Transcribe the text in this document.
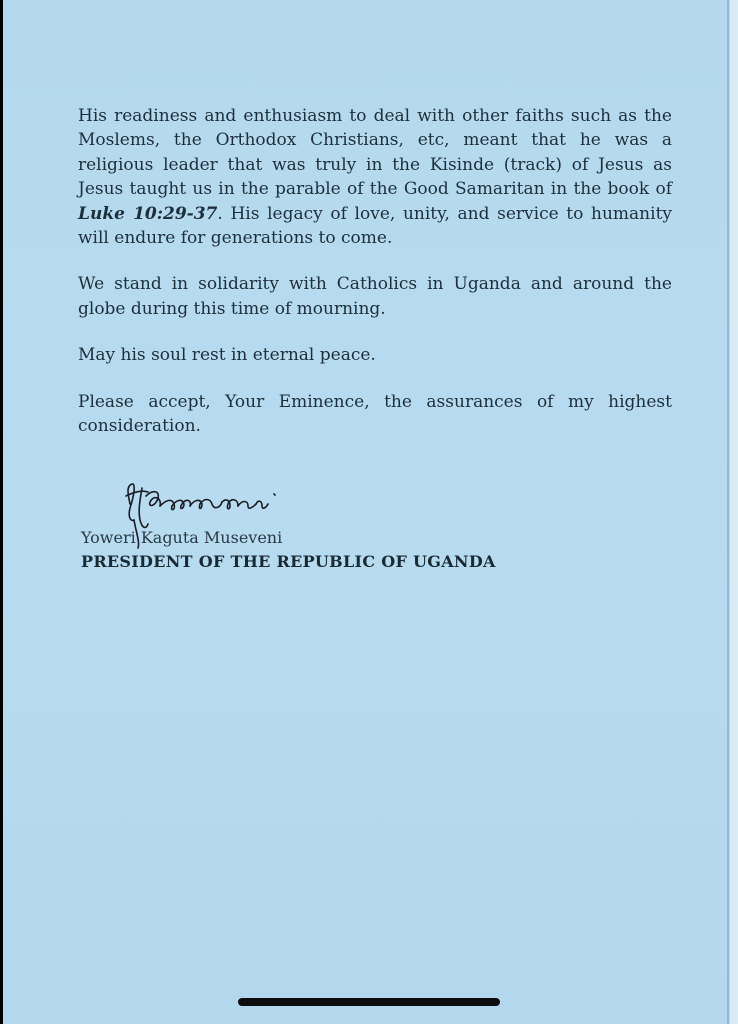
His readiness and enthusiasm to deal with other faiths such as the Moslems, the Orthodox Christians, etc, meant that he was a religious leader that was truly in the Kisinde (track) of Jesus as Jesus taught us in the parable of the Good Samaritan in the book of Luke 10:29-37. His legacy of love, unity, and service to humanity will endure for generations to come.

We stand in solidarity with Catholics in Uganda and around the globe during this time of mourning.

May his soul rest in eternal peace.

Please accept, Your Eminence, the assurances of my highest consideration.

Yoweri Kaguta Museveni
PRESIDENT OF THE REPUBLIC OF UGANDA
